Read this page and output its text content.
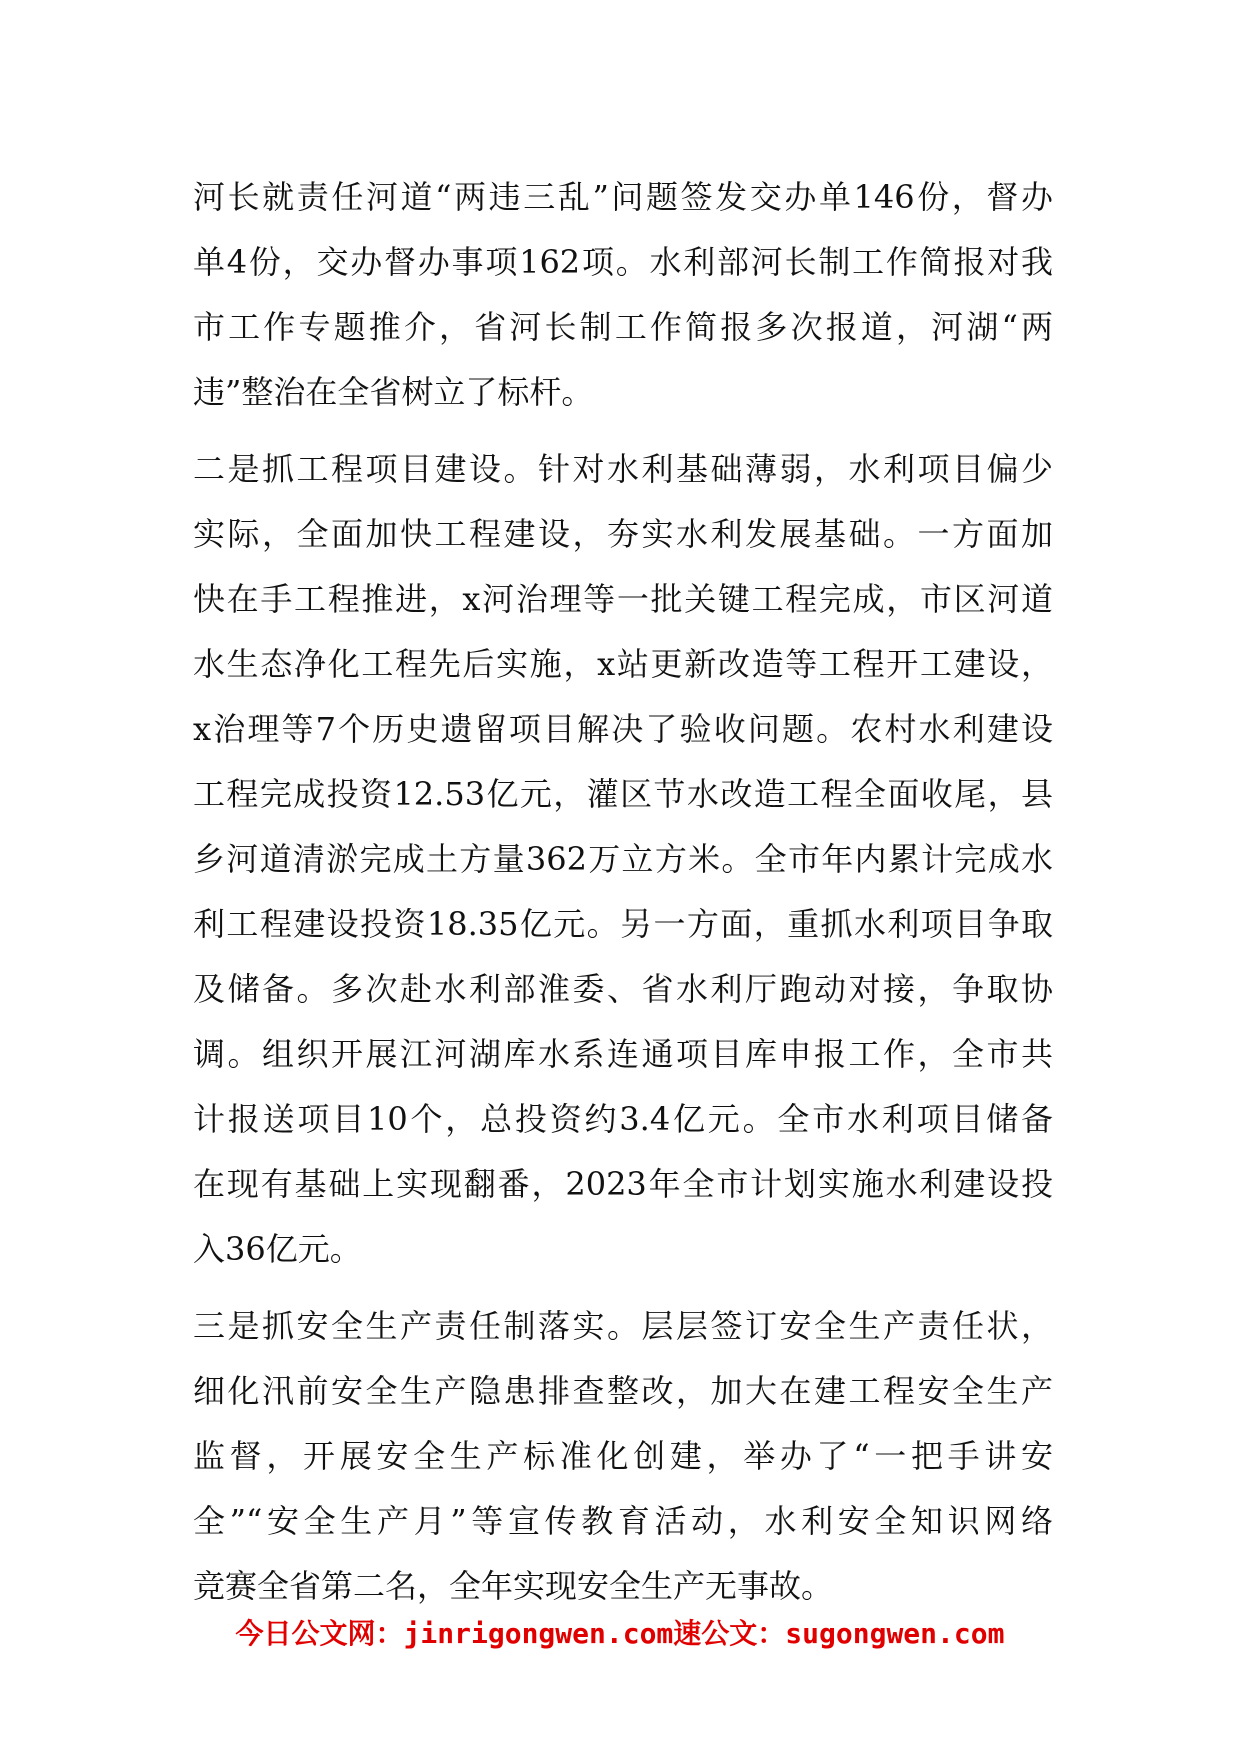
河长就责任河道“两违三乱”问题签发交办单146份，督办
单4份，交办督办事项162项。水利部河长制工作简报对我
市工作专题推介，省河长制工作简报多次报道，河湖“两
违”整治在全省树立了标杆。
二是抓工程项目建设。针对水利基础薄弱，水利项目偏少
实际，全面加快工程建设，夯实水利发展基础。一方面加
快在手工程推进，x河治理等一批关键工程完成，市区河道
水生态净化工程先后实施，x站更新改造等工程开工建设，
x治理等7个历史遗留项目解决了验收问题。农村水利建设
工程完成投资12.53亿元，灌区节水改造工程全面收尾，县
乡河道清淤完成土方量362万立方米。全市年内累计完成水
利工程建设投资18.35亿元。另一方面，重抓水利项目争取
及储备。多次赴水利部淮委、省水利厅跑动对接，争取协
调。组织开展江河湖库水系连通项目库申报工作，全市共
计报送项目10个，总投资约3.4亿元。全市水利项目储备
在现有基础上实现翻番，2023年全市计划实施水利建设投
入36亿元。
三是抓安全生产责任制落实。层层签订安全生产责任状，
细化汛前安全生产隐患排查整改，加大在建工程安全生产
监督，开展安全生产标准化创建，举办了“一把手讲安
全”“安全生产月”等宣传教育活动，水利安全知识网络
竞赛全省第二名，全年实现安全生产无事故。
今日公文网：jinrigongwen.com速公文：sugongwen.com
